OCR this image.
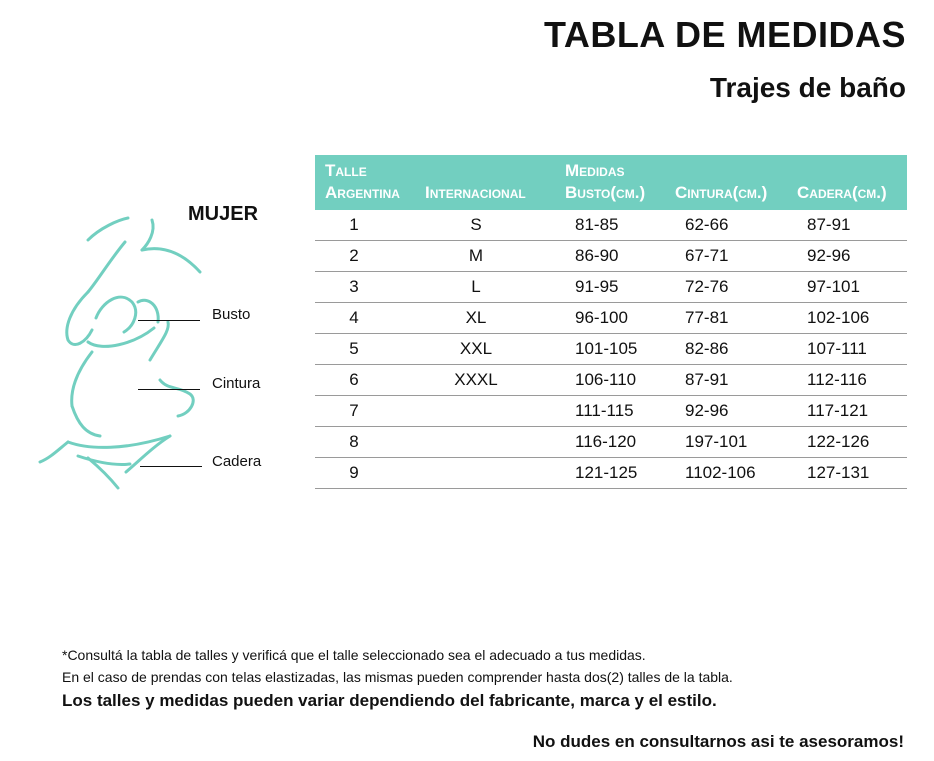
TABLA DE MEDIDAS
Trajes de baño
MUJER
Busto
Cintura
Cadera
Talle		Medidas		
Argentina	Internacional	Busto(cm.)	Cintura(cm.)	Cadera(cm.)
1	S	81-85	62-66	87-91
2	M	86-90	67-71	92-96
3	L	91-95	72-76	97-101
4	XL	96-100	77-81	102-106
5	XXL	101-105	82-86	107-111
6	XXXL	106-110	87-91	112-116
7		111-115	92-96	117-121
8		116-120	197-101	122-126
9		121-125	1102-106	127-131
*Consultá la tabla de talles y verificá que el talle seleccionado sea el adecuado a tus medidas.
En el caso de prendas con telas elastizadas, las mismas pueden comprender hasta dos(2) talles de la tabla.
Los talles y medidas pueden variar dependiendo del fabricante, marca y el estilo.
No dudes en consultarnos asi te asesoramos!
